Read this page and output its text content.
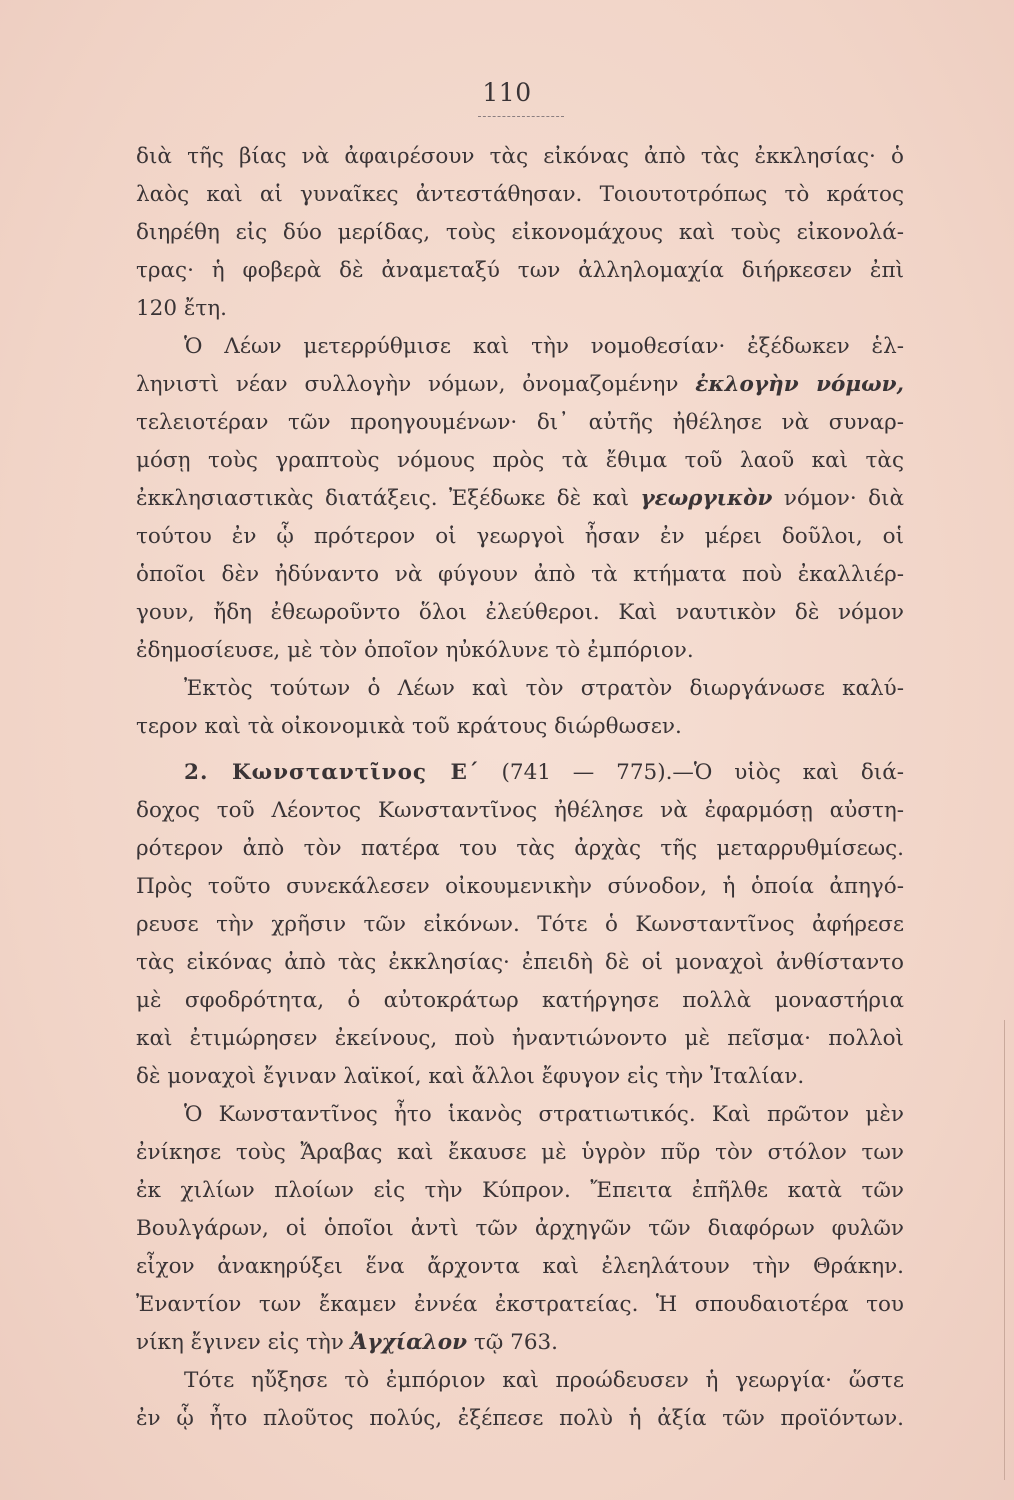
110
διὰ τῆς βίας νὰ ἀφαιρέσουν τὰς εἰκόνας ἀπὸ τὰς ἐκκλησίας· ὁ
λαὸς καὶ αἱ γυναῖκες ἀντεστάθησαν. Τοιουτοτρόπως τὸ κράτος
διηρέθη εἰς δύο μερίδας, τοὺς εἰκονομάχους καὶ τοὺς εἰκονολά-
τρας· ἡ φοβερὰ δὲ ἀναμεταξύ των ἀλληλομαχία διήρκεσεν ἐπὶ
120 ἔτη.
Ὁ Λέων μετερρύθμισε καὶ τὴν νομοθεσίαν· ἐξέδωκεν ἑλ-
ληνιστὶ νέαν συλλογὴν νόμων, ὀνομαζομένην ἐκλογὴν νόμων,
τελειοτέραν τῶν προηγουμένων· δι᾽ αὐτῆς ἠθέλησε νὰ συναρ-
μόσῃ τοὺς γραπτοὺς νόμους πρὸς τὰ ἔθιμα τοῦ λαοῦ καὶ τὰς
ἐκκλησιαστικὰς διατάξεις. Ἐξέδωκε δὲ καὶ γεωργικὸν νόμον· διὰ
τούτου ἐν ᾧ πρότερον οἱ γεωργοὶ ἦσαν ἐν μέρει δοῦλοι, οἱ
ὁποῖοι δὲν ἠδύναντο νὰ φύγουν ἀπὸ τὰ κτήματα ποὺ ἐκαλλιέρ-
γουν, ἤδη ἐθεωροῦντο ὅλοι ἐλεύθεροι. Καὶ ναυτικὸν δὲ νόμον
ἐδημοσίευσε, μὲ τὸν ὁποῖον ηὐκόλυνε τὸ ἐμπόριον.
Ἐκτὸς τούτων ὁ Λέων καὶ τὸν στρατὸν διωργάνωσε καλύ-
τερον καὶ τὰ οἰκονομικὰ τοῦ κράτους διώρθωσεν.
2. Κωνσταντῖνος Ε΄ (741 — 775).—Ὁ υἱὸς καὶ διά-
δοχος τοῦ Λέοντος Κωνσταντῖνος ἠθέλησε νὰ ἐφαρμόσῃ αὐστη-
ρότερον ἀπὸ τὸν πατέρα του τὰς ἀρχὰς τῆς μεταρρυθμίσεως.
Πρὸς τοῦτο συνεκάλεσεν οἰκουμενικὴν σύνοδον, ἡ ὁποία ἀπηγό-
ρευσε τὴν χρῆσιν τῶν εἰκόνων. Τότε ὁ Κωνσταντῖνος ἀφήρεσε
τὰς εἰκόνας ἀπὸ τὰς ἐκκλησίας· ἐπειδὴ δὲ οἱ μοναχοὶ ἀνθίσταντο
μὲ σφοδρότητα, ὁ αὐτοκράτωρ κατήργησε πολλὰ μοναστήρια
καὶ ἐτιμώρησεν ἐκείνους, ποὺ ἠναντιώνοντο μὲ πεῖσμα· πολλοὶ
δὲ μοναχοὶ ἔγιναν λαϊκοί, καὶ ἄλλοι ἔφυγον εἰς τὴν Ἰταλίαν.
Ὁ Κωνσταντῖνος ἦτο ἱκανὸς στρατιωτικός. Καὶ πρῶτον μὲν
ἐνίκησε τοὺς Ἄραβας καὶ ἔκαυσε μὲ ὑγρὸν πῦρ τὸν στόλον των
ἐκ χιλίων πλοίων εἰς τὴν Κύπρον. Ἔπειτα ἐπῆλθε κατὰ τῶν
Βουλγάρων, οἱ ὁποῖοι ἀντὶ τῶν ἀρχηγῶν τῶν διαφόρων φυλῶν
εἶχον ἀνακηρύξει ἕνα ἄρχοντα καὶ ἐλεηλάτουν τὴν Θράκην.
Ἐναντίον των ἔκαμεν ἐννέα ἐκστρατείας. Ἡ σπουδαιοτέρα του
νίκη ἔγινεν εἰς τὴν Ἀγχίαλον τῷ 763.
Τότε ηὔξησε τὸ ἐμπόριον καὶ προώδευσεν ἡ γεωργία· ὥστε
ἐν ᾧ ἦτο πλοῦτος πολύς, ἐξέπεσε πολὺ ἡ ἀξία τῶν προϊόντων.
